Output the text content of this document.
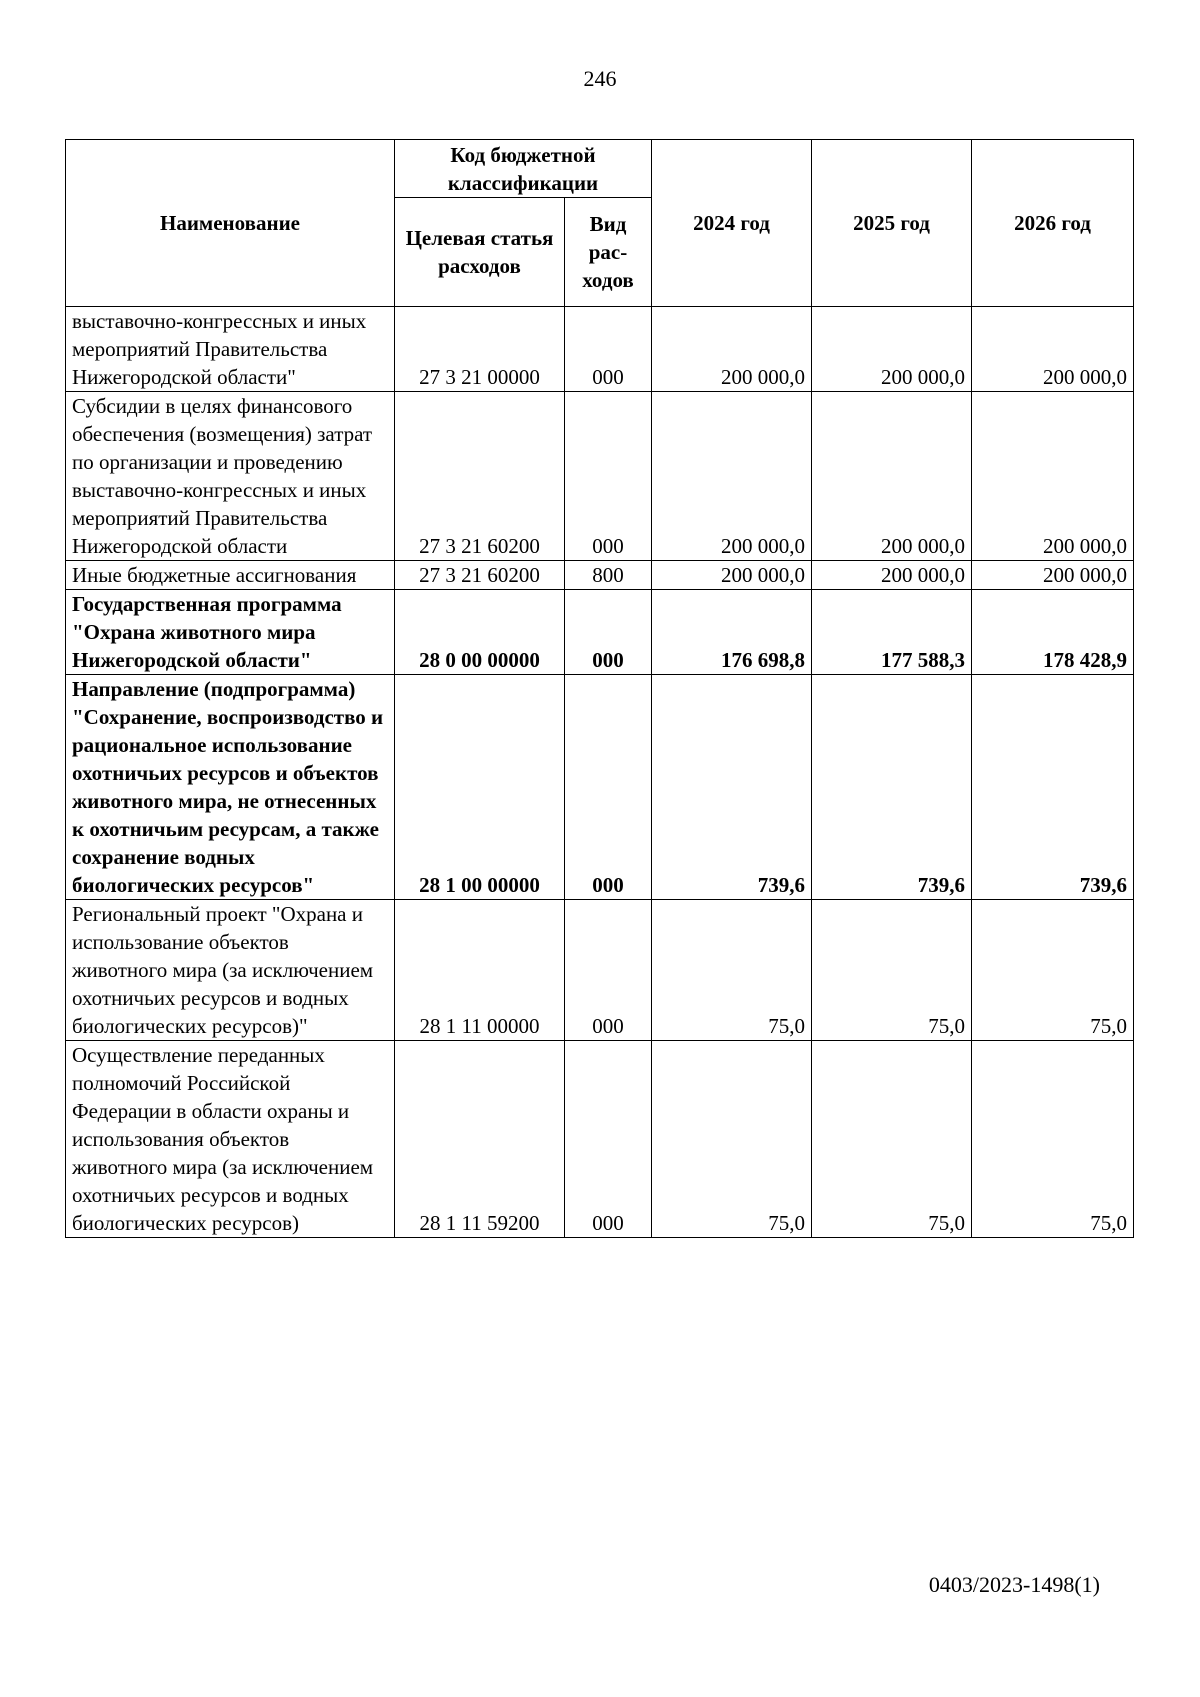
246
Наименование	Код бюджетной классификации		2024 год	2025 год	2026 год
	Целевая статья расходов	Вид рас-ходов			
выставочно-конгрессных и иных мероприятий Правительства Нижегородской области"	27 3 21 00000	000	200 000,0	200 000,0	200 000,0
Субсидии в целях финансового обеспечения (возмещения) затрат по организации и проведению выставочно-конгрессных и иных мероприятий Правительства Нижегородской области	27 3 21 60200	000	200 000,0	200 000,0	200 000,0
Иные бюджетные ассигнования	27 3 21 60200	800	200 000,0	200 000,0	200 000,0
Государственная программа "Охрана животного мира Нижегородской области"	28 0 00 00000	000	176 698,8	177 588,3	178 428,9
Направление (подпрограмма) "Сохранение, воспроизводство и рациональное использование охотничьих ресурсов и объектов животного мира, не отнесенных к охотничьим ресурсам, а также сохранение водных биологических ресурсов"	28 1 00 00000	000	739,6	739,6	739,6
Региональный проект "Охрана и использование объектов животного мира (за исключением охотничьих ресурсов и водных биологических ресурсов)"	28 1 11 00000	000	75,0	75,0	75,0
Осуществление переданных полномочий Российской Федерации в области охраны и использования объектов животного мира (за исключением охотничьих ресурсов и водных биологических ресурсов)	28 1 11 59200	000	75,0	75,0	75,0
0403/2023-1498(1)
